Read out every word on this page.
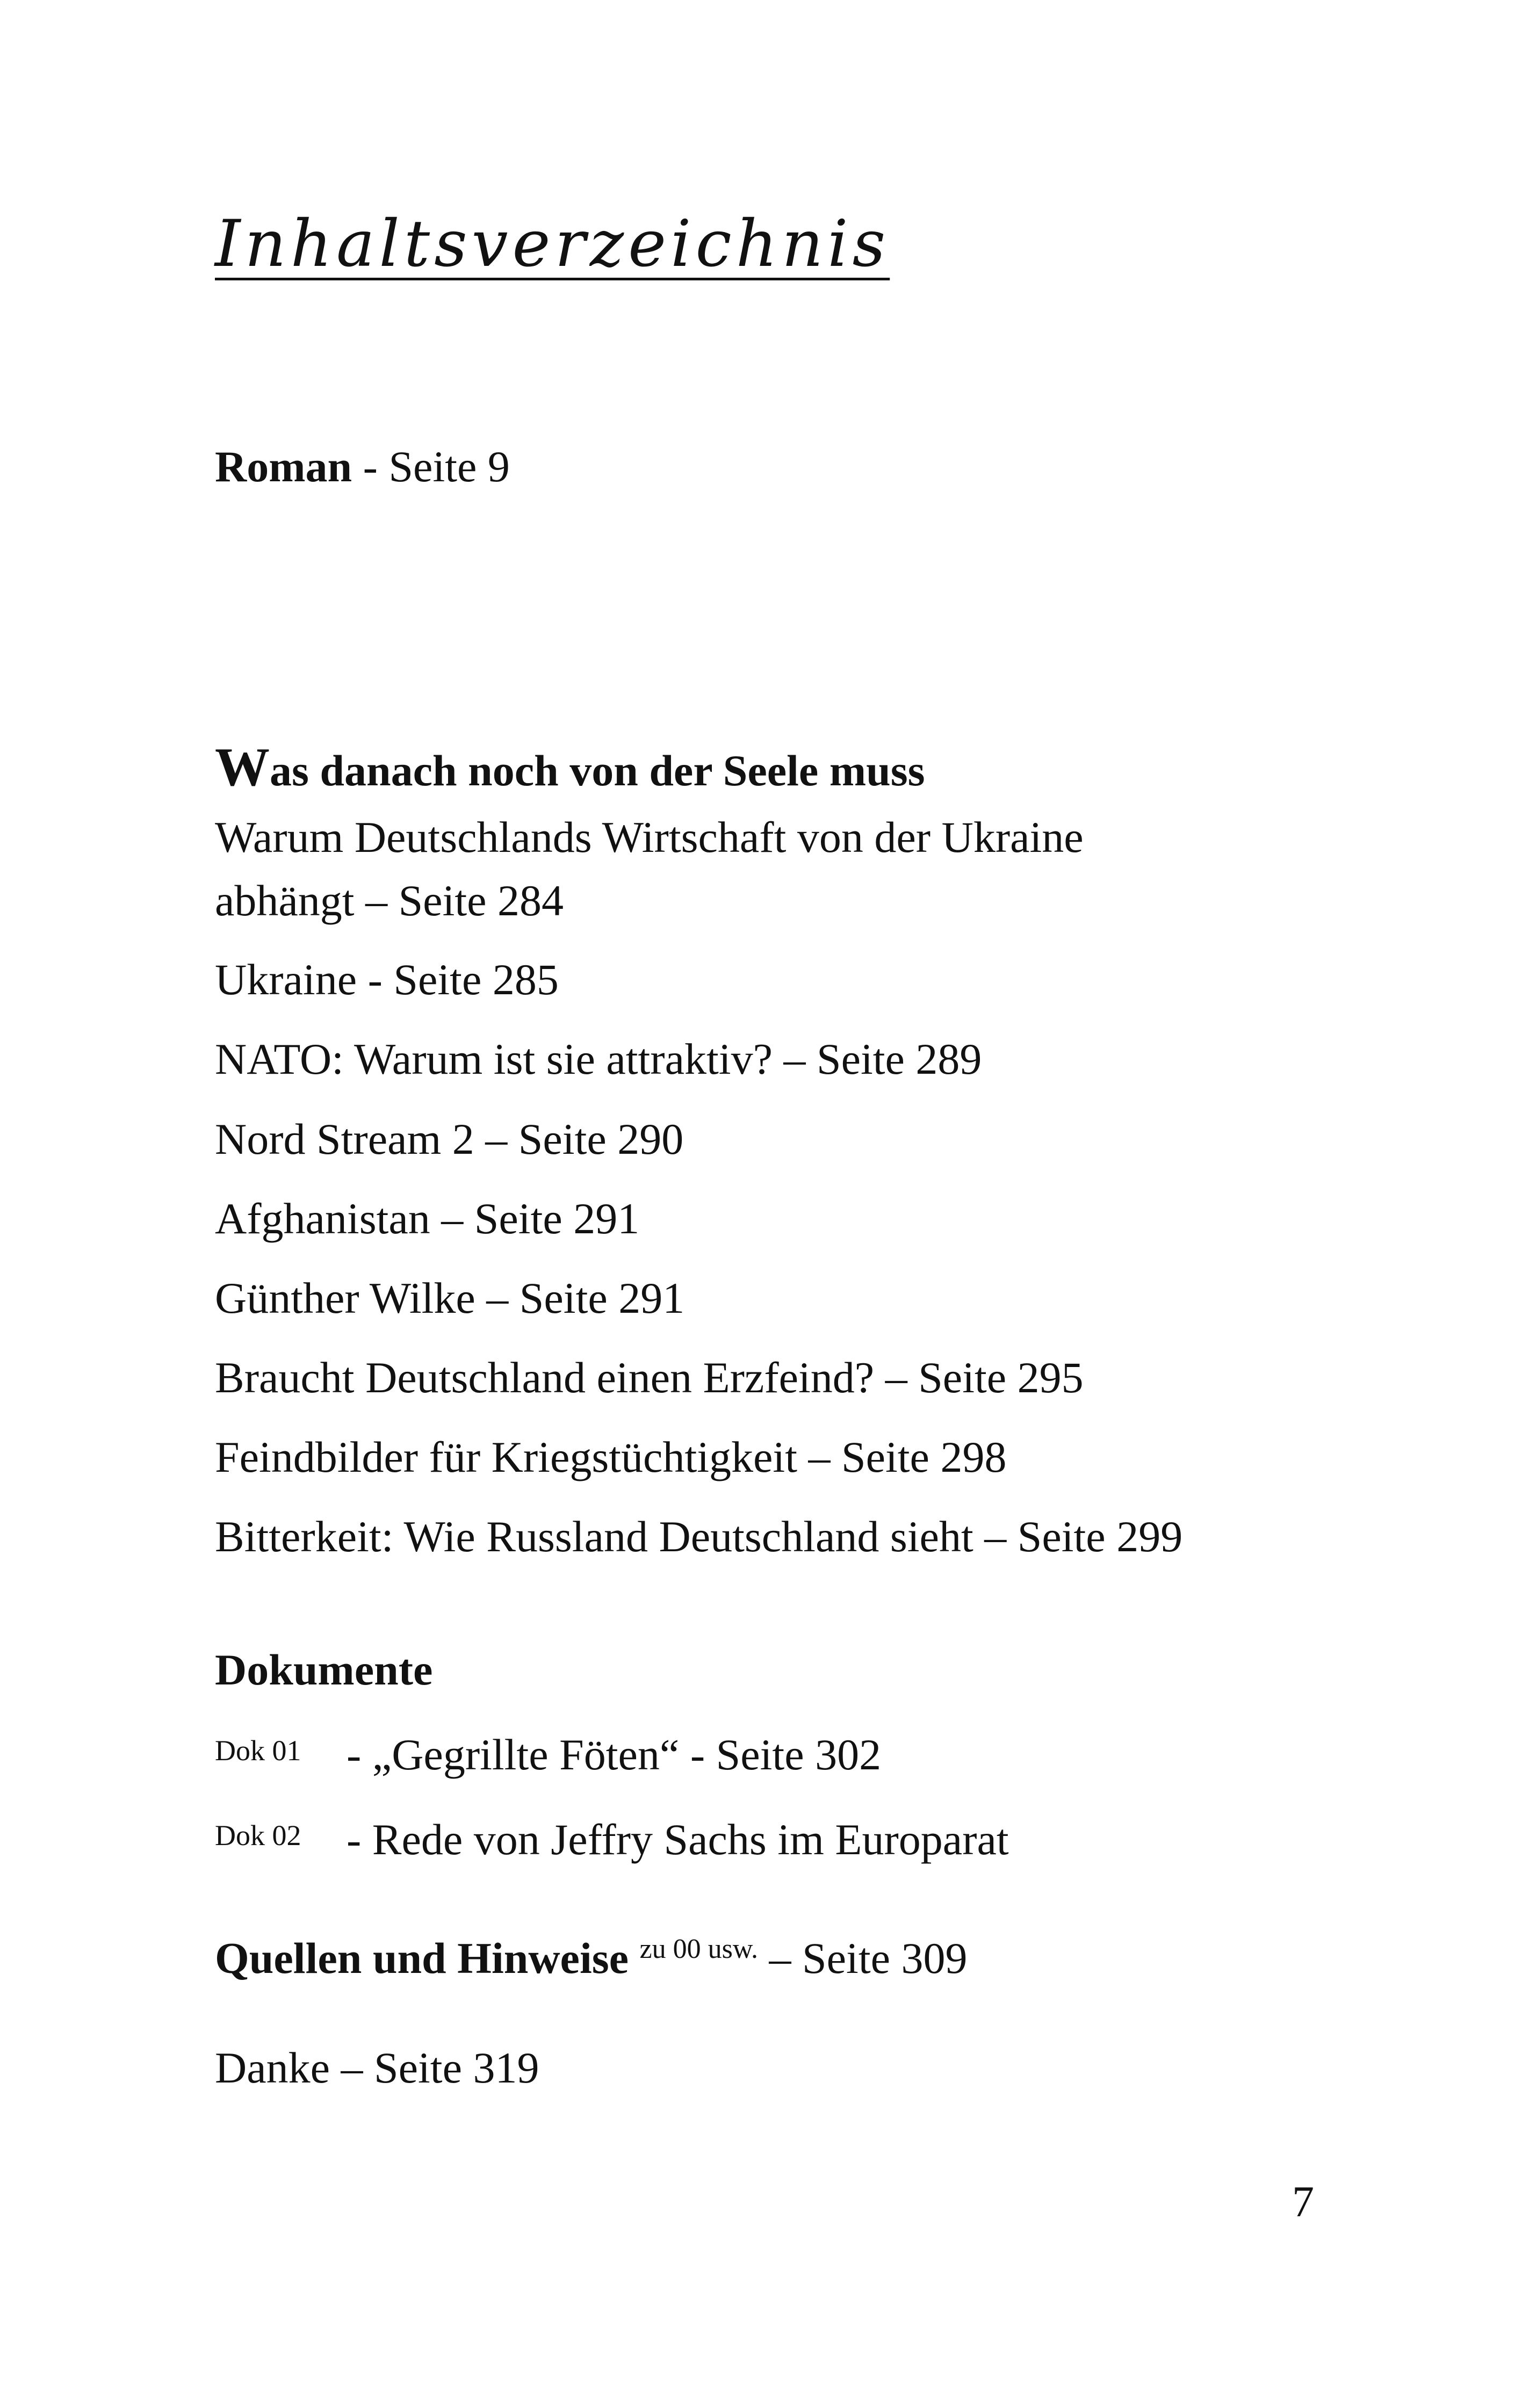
Inhaltsverzeichnis
Roman - Seite 9
Was danach noch von der Seele muss
Warum Deutschlands Wirtschaft von der Ukraine
abhängt – Seite 284
Ukraine - Seite 285
NATO: Warum ist sie attraktiv? – Seite 289
Nord Stream 2 – Seite 290
Afghanistan – Seite 291
Günther Wilke – Seite 291
Braucht Deutschland einen Erzfeind? – Seite 295
Feindbilder für Kriegstüchtigkeit – Seite 298
Bitterkeit: Wie Russland Deutschland sieht – Seite 299
Dokumente
Dok 01 - „Gegrillte Föten“ - Seite 302
Dok 02 - Rede von Jeffry Sachs im Europarat
Quellen und Hinweise $^{zu 00 usw.}$ – Seite 309
Danke – Seite 319
7
